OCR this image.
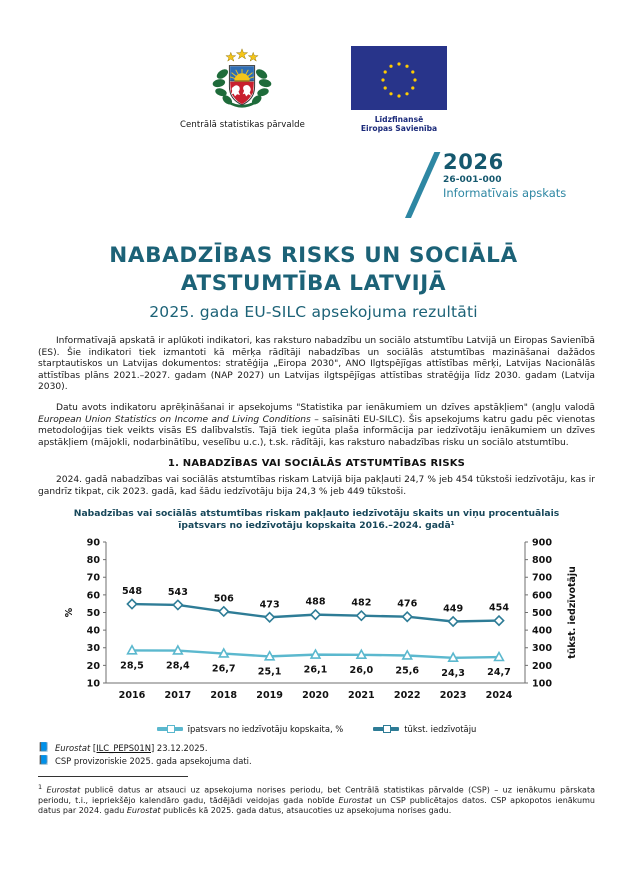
Centrālā statistikas pārvalde
Līdzfinansē
Eiropas Savienība
2026
26-001-000
Informatīvais apskats
NABADZĪBAS RISKS UN SOCIĀLĀ ATSTUMTĪBA LATVIJĀ
2025. gada EU-SILC apsekojuma rezultāti

Informatīvajā apskatā ir aplūkoti indikatori, kas raksturo nabadzību un sociālo atstumtību Latvijā un Eiropas Savienībā (ES). Šie indikatori tiek izmantoti kā mērķa rādītāji nabadzības un sociālās atstumtības mazināšanai dažādos starptautiskos un Latvijas dokumentos: stratēģija „Eiropa 2030", ANO Ilgtspējīgas attīstības mērķi, Latvijas Nacionālās attīstības plāns 2021.–2027. gadam (NAP 2027) un Latvijas ilgtspējīgas attīstības stratēģija līdz 2030. gadam (Latvija 2030).

Datu avots indikatoru aprēķināšanai ir apsekojums "Statistika par ienākumiem un dzīves apstākļiem" (angļu valodā European Union Statistics on Income and Living Conditions – saīsināti EU-SILC). Šis apsekojums katru gadu pēc vienotas metodoloģijas tiek veikts visās ES dalībvalstīs. Tajā tiek iegūta plaša informācija par iedzīvotāju ienākumiem un dzīves apstākļiem (mājokli, nodarbinātību, veselību u.c.), t.sk. rādītāji, kas raksturo nabadzības risku un sociālo atstumtību.

1. NABADZĪBAS VAI SOCIĀLĀS ATSTUMTĪBAS RISKS

2024. gadā nabadzības vai sociālās atstumtības riskam Latvijā bija pakļauti 24,7 % jeb 454 tūkstoši iedzīvotāju, kas ir gandrīz tikpat, cik 2023. gadā, kad šādu iedzīvotāju bija 24,3 % jeb 449 tūkstoši.

Nabadzības vai sociālās atstumtības riskam pakļauto iedzīvotāju skaits un viņu procentuālais
īpatsvars no iedzīvotāju kopskaita 2016.–2024. gadā¹
90
80
70
60
50
40
30
20
10
900
800
700
600
500
400
300
200
100
2016 2017 2018 2019 2020 2021 2022 2023 2024
%	tūkst. iedzīvotāju
548	543
506
473	488	482	476	449	454
28,5 28,4 26,7 25,1 26,1 26,0 25,6 24,3 24,7
īpatsvars no iedzīvotāju kopskaita, %	tūkst. iedzīvotāju
📘 Eurostat [ILC_PEPS01N] 23.12.2025.
📘 CSP provizoriskie 2025. gada apsekojuma dati.
$^1$ Eurostat publicē datus ar atsauci uz apsekojuma norises periodu, bet Centrālā statistikas pārvalde (CSP) – uz ienākumu pārskata periodu, t.i., iepriekšējo kalendāro gadu, tādējādi veidojas gada nobīde Eurostat un CSP publicētajos datos. CSP apkopotos ienākumu datus par 2024. gadu Eurostat publicēs kā 2025. gada datus, atsaucoties uz apsekojuma norises gadu.
